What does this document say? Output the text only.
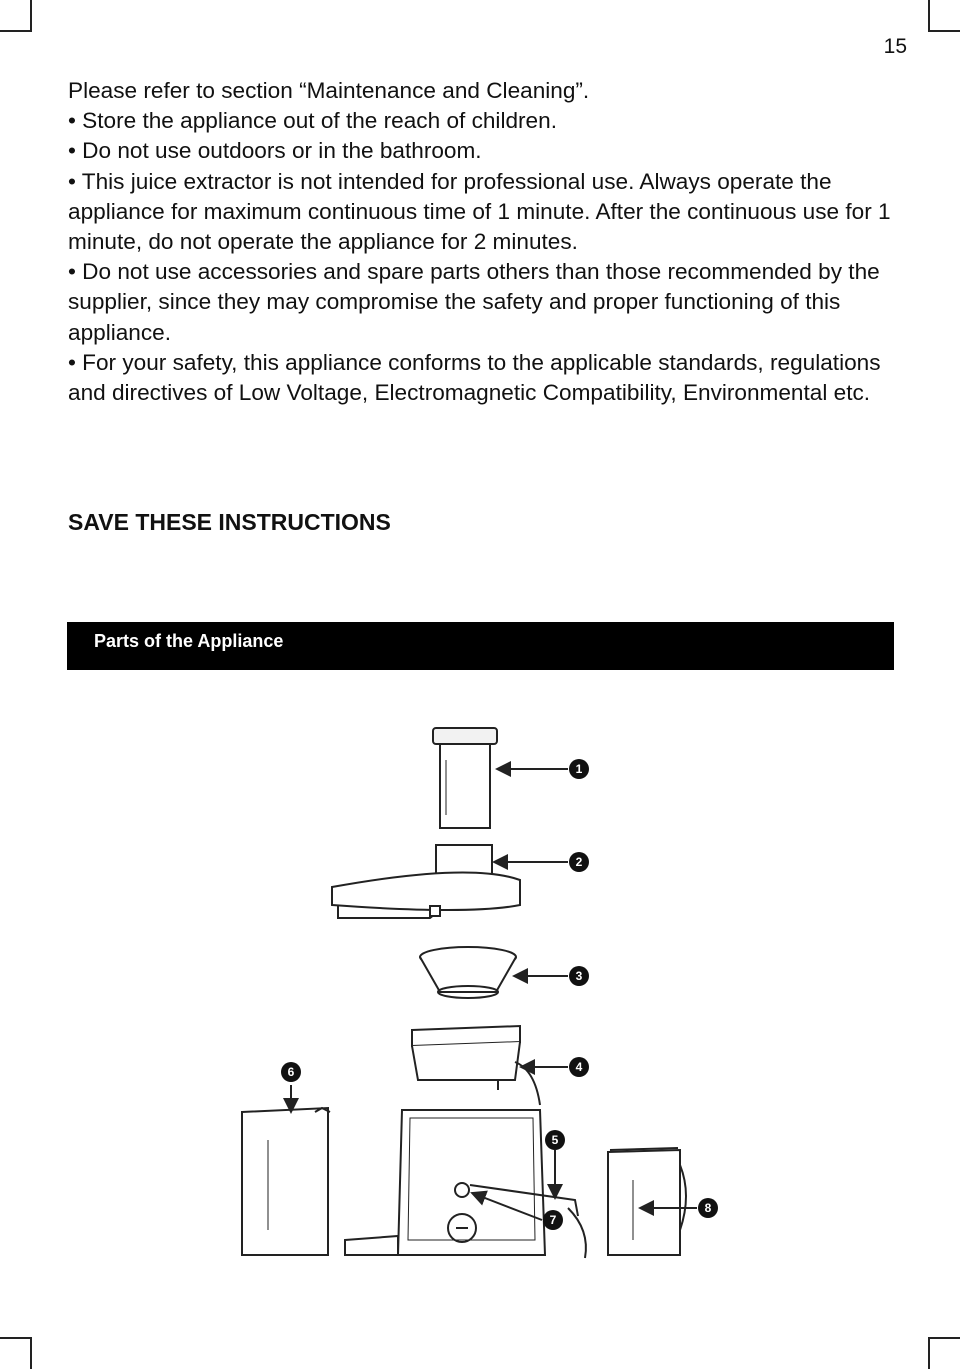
15

Please refer to section “Maintenance and Cleaning”.

• Store the appliance out of the reach of children.

• Do not use outdoors or in the bathroom.

• This juice extractor is not intended for professional use. Always operate the appliance for maximum continuous time of 1 minute. After the continuous use for 1 minute, do not operate the appliance for 2 minutes.

• Do not use accessories and spare parts others than those recommended by the supplier, since they may compromise the safety and proper functioning of this appliance.

• For your safety, this appliance conforms to the applicable standards, regulations and directives of Low Voltage, Electromagnetic Compatibility, Environmental etc.

SAVE THESE INSTRUCTIONS
Parts of the Appliance
1
2
3
4
5
6
7
8
